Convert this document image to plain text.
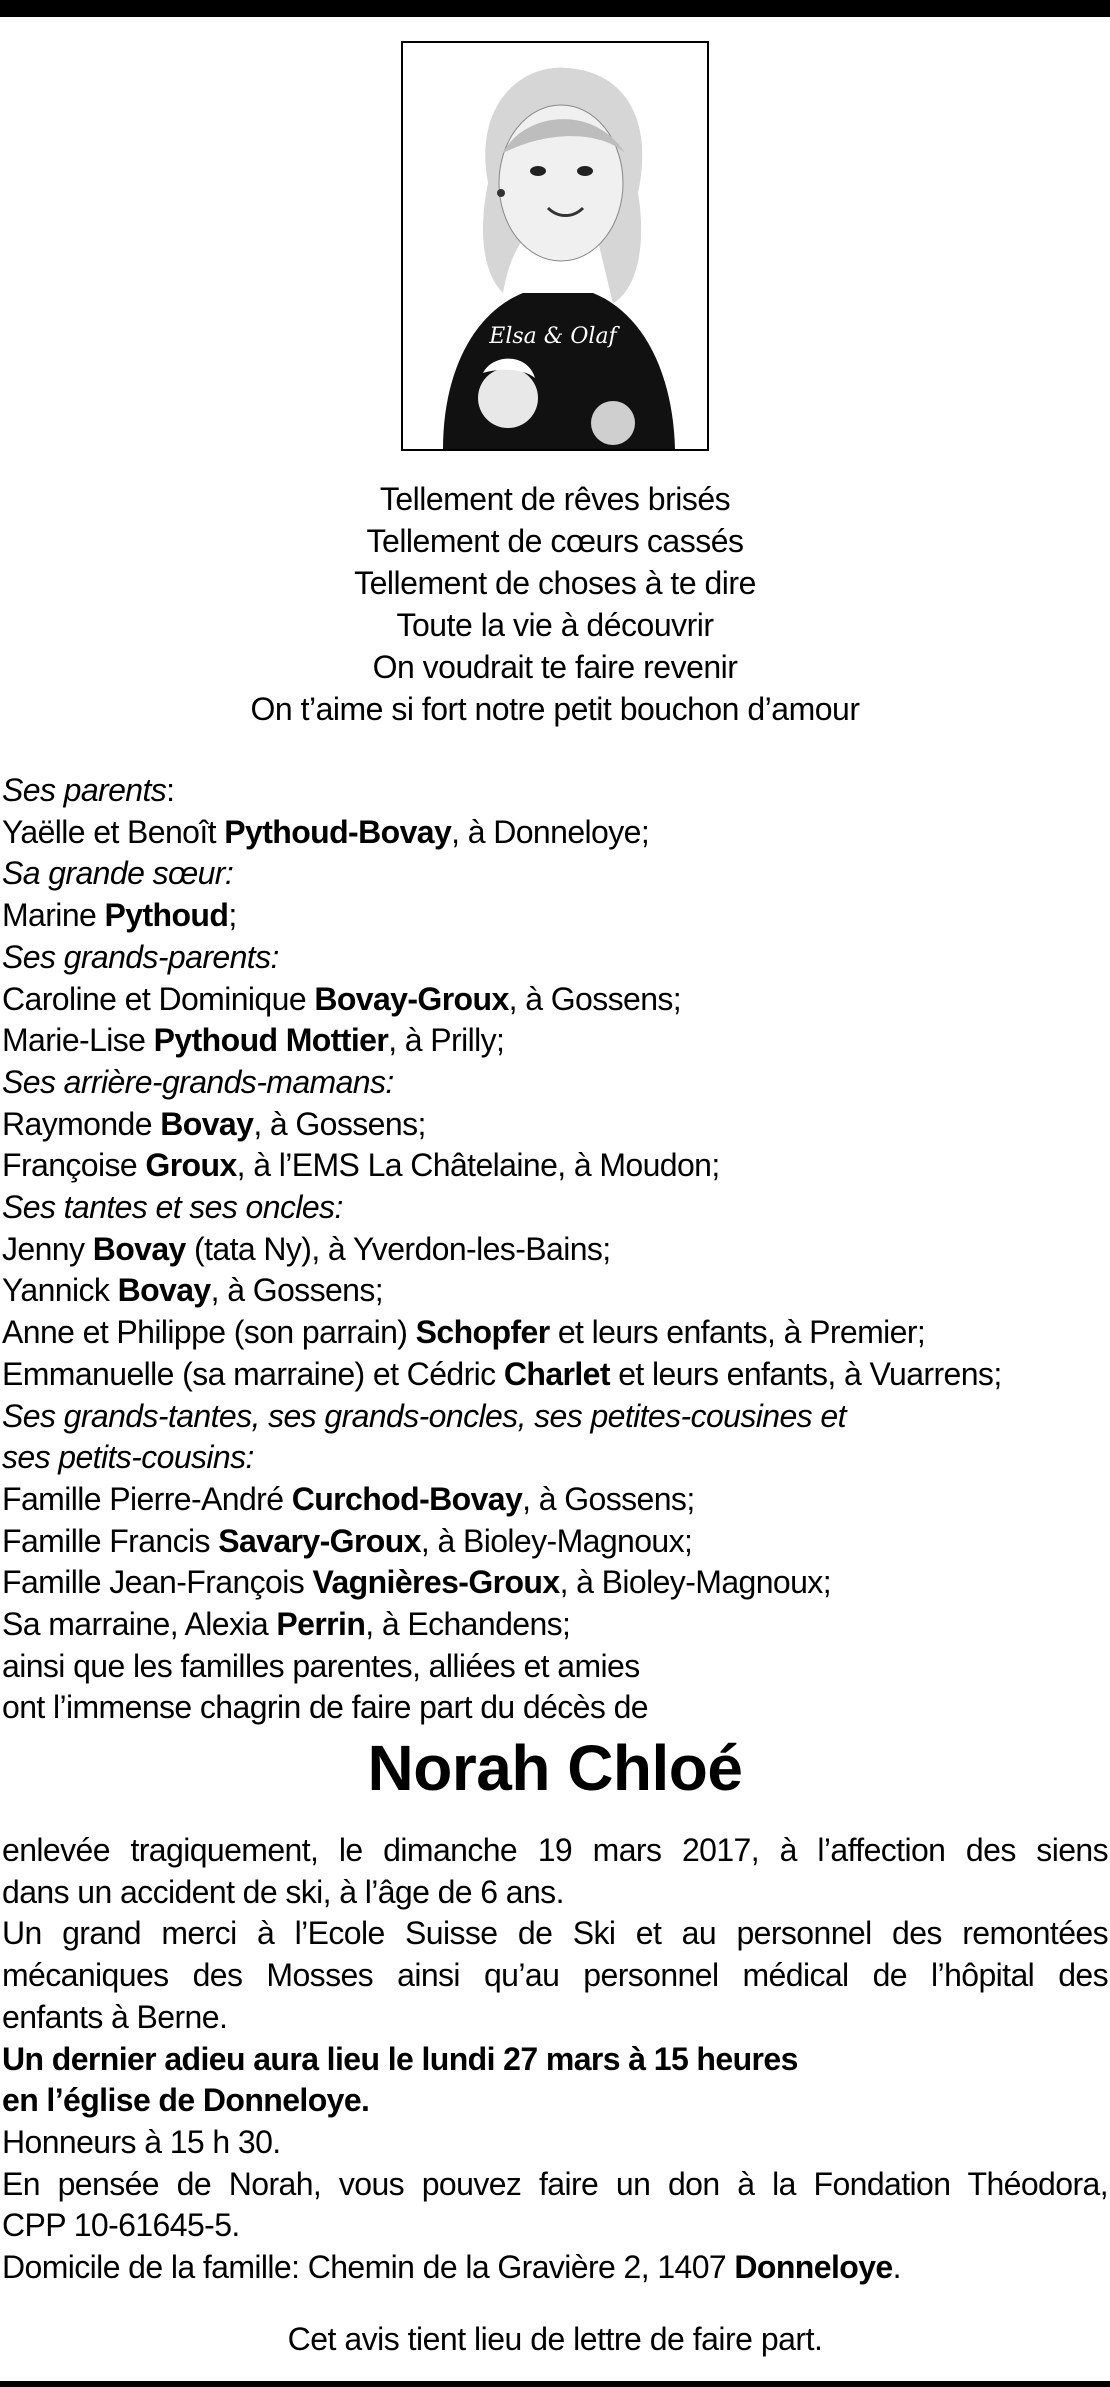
Elsa & Olaf
Tellement de rêves brisés
Tellement de cœurs cassés
Tellement de choses à te dire
Toute la vie à découvrir
On voudrait te faire revenir
On t’aime si fort notre petit bouchon d’amour
Ses parents:
Yaëlle et Benoît Pythoud-Bovay, à Donneloye;
Sa grande sœur:
Marine Pythoud;
Ses grands-parents:
Caroline et Dominique Bovay-Groux, à Gossens;
Marie-Lise Pythoud Mottier, à Prilly;
Ses arrière-grands-mamans:
Raymonde Bovay, à Gossens;
Françoise Groux, à l’EMS La Châtelaine, à Moudon;
Ses tantes et ses oncles:
Jenny Bovay (tata Ny), à Yverdon-les-Bains;
Yannick Bovay, à Gossens;
Anne et Philippe (son parrain) Schopfer et leurs enfants, à Premier;
Emmanuelle (sa marraine) et Cédric Charlet et leurs enfants, à Vuarrens;
Ses grands-tantes, ses grands-oncles, ses petites-cousines et
ses petits-cousins:
Famille Pierre-André Curchod-Bovay, à Gossens;
Famille Francis Savary-Groux, à Bioley-Magnoux;
Famille Jean-François Vagnières-Groux, à Bioley-Magnoux;
Sa marraine, Alexia Perrin, à Echandens;
ainsi que les familles parentes, alliées et amies
ont l’immense chagrin de faire part du décès de
Norah Chloé
enlevée tragiquement, le dimanche 19 mars 2017, à l’affection des siens
dans un accident de ski, à l’âge de 6 ans.
Un grand merci à l’Ecole Suisse de Ski et au personnel des remontées
mécaniques des Mosses ainsi qu’au personnel médical de l’hôpital des
enfants à Berne.
Un dernier adieu aura lieu le lundi 27 mars à 15 heures
en l’église de Donneloye.
Honneurs à 15 h 30.
En pensée de Norah, vous pouvez faire un don à la Fondation Théodora,
CPP 10-61645-5.
Domicile de la famille: Chemin de la Gravière 2, 1407 Donneloye.
Cet avis tient lieu de lettre de faire part.
